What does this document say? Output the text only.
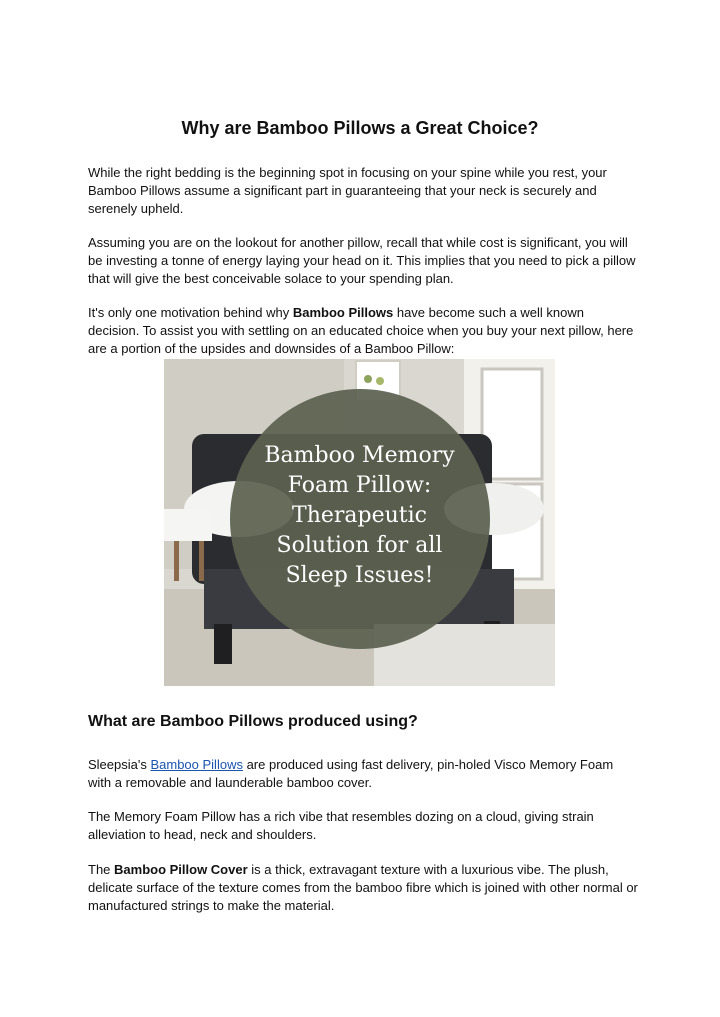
Why are Bamboo Pillows a Great Choice?

While the right bedding is the beginning spot in focusing on your spine while you rest, your Bamboo Pillows assume a significant part in guaranteeing that your neck is securely and serenely upheld.

Assuming you are on the lookout for another pillow, recall that while cost is significant, you will be investing a tonne of energy laying your head on it. This implies that you need to pick a pillow that will give the best conceivable solace to your spending plan.

It's only one motivation behind why Bamboo Pillows have become such a well known decision. To assist you with settling on an educated choice when you buy your next pillow, here are a portion of the upsides and downsides of a Bamboo Pillow:

Bamboo Memory
Foam Pillow:
Therapeutic
Solution for all
Sleep Issues!
What are Bamboo Pillows produced using?

Sleepsia's Bamboo Pillows are produced using fast delivery, pin-holed Visco Memory Foam with a removable and launderable bamboo cover.

The Memory Foam Pillow has a rich vibe that resembles dozing on a cloud, giving strain alleviation to head, neck and shoulders.

The Bamboo Pillow Cover is a thick, extravagant texture with a luxurious vibe. The plush, delicate surface of the texture comes from the bamboo fibre which is joined with other normal or manufactured strings to make the material.
